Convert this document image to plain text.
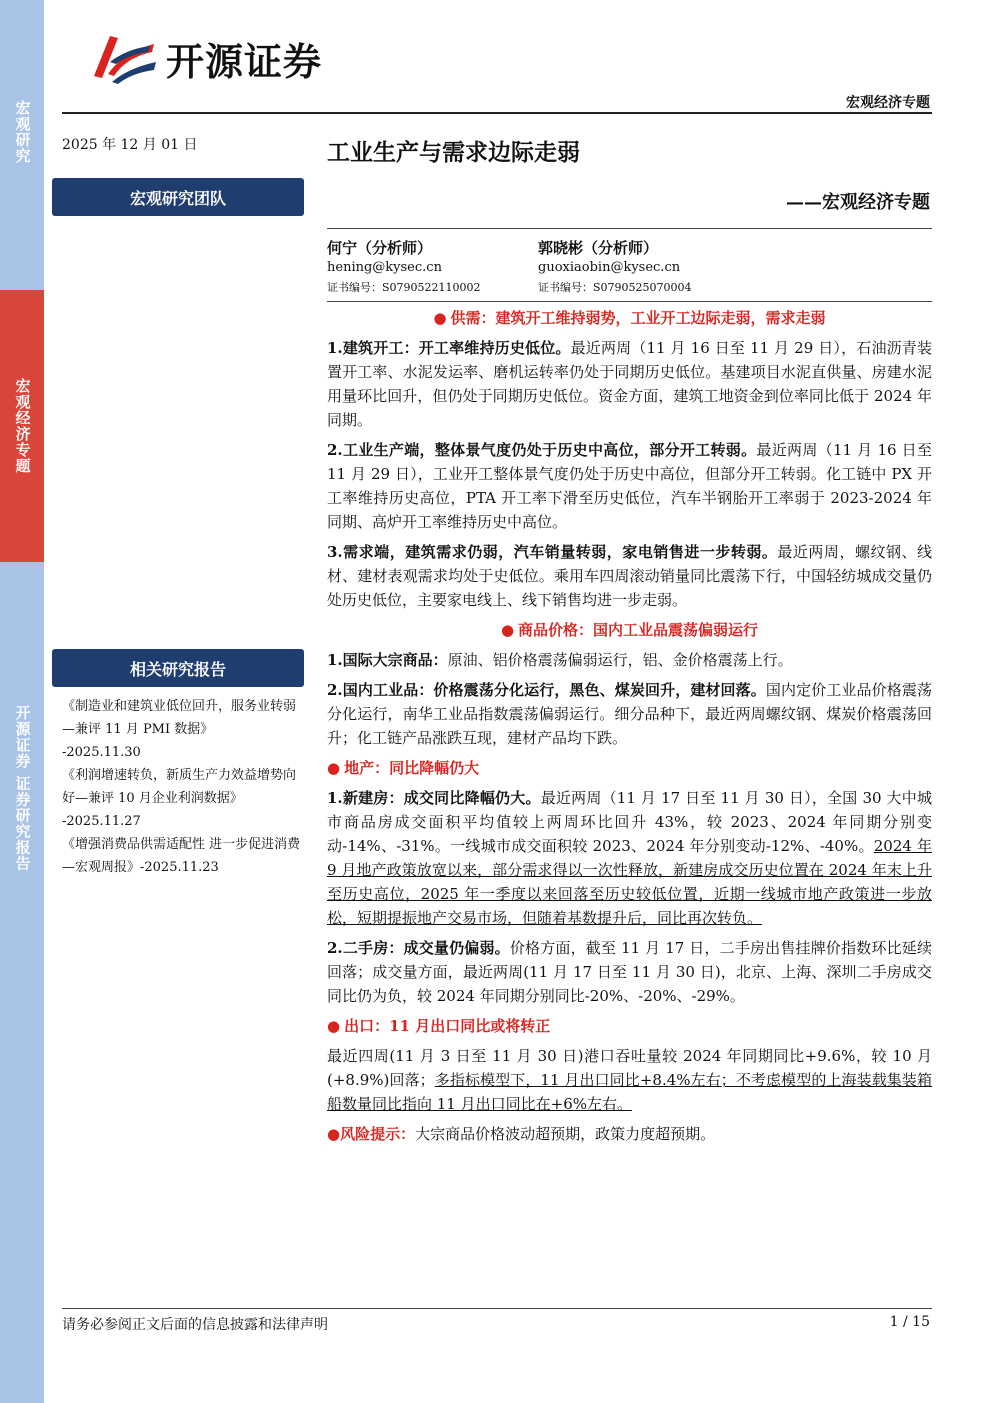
宏观研究
宏观经济专题
开源证券 证券研究报告
开源证券
宏观经济专题
2025 年 12 月 01 日	工业生产与需求边际走弱
——宏观经济专题
宏观研究团队
何宁（分析师）
hening@kysec.cn
证书编号：S0790522110002
郭晓彬（分析师）
guoxiaobin@kysec.cn
证书编号：S0790525070004
相关研究报告
《制造业和建筑业低位回升，服务业转弱—兼评 11 月 PMI 数据》
-2025.11.30
《利润增速转负，新质生产力效益增势向好—兼评 10 月企业利润数据》
-2025.11.27
《增强消费品供需适配性 进一步促进消费—宏观周报》-2025.11.23
● 供需：建筑开工维持弱势，工业开工边际走弱，需求走弱

1.建筑开工：开工率维持历史低位。最近两周（11 月 16 日至 11 月 29 日），石油沥青装置开工率、水泥发运率、磨机运转率仍处于同期历史低位。基建项目水泥直供量、房建水泥用量环比回升，但仍处于同期历史低位。资金方面，建筑工地资金到位率同比低于 2024 年同期。

2.工业生产端，整体景气度仍处于历史中高位，部分开工转弱。最近两周（11 月 16 日至 11 月 29 日），工业开工整体景气度仍处于历史中高位，但部分开工转弱。化工链中 PX 开工率维持历史高位，PTA 开工率下滑至历史低位，汽车半钢胎开工率弱于 2023-2024 年同期、高炉开工率维持历史中高位。

3.需求端，建筑需求仍弱，汽车销量转弱，家电销售进一步转弱。最近两周，螺纹钢、线材、建材表观需求均处于史低位。乘用车四周滚动销量同比震荡下行，中国轻纺城成交量仍处历史低位，主要家电线上、线下销售均进一步走弱。

● 商品价格：国内工业品震荡偏弱运行

1.国际大宗商品：原油、铝价格震荡偏弱运行，铝、金价格震荡上行。

2.国内工业品：价格震荡分化运行，黑色、煤炭回升，建材回落。国内定价工业品价格震荡分化运行，南华工业品指数震荡偏弱运行。细分品种下，最近两周螺纹钢、煤炭价格震荡回升；化工链产品涨跌互现，建材产品均下跌。

● 地产：同比降幅仍大

1.新建房：成交同比降幅仍大。最近两周（11 月 17 日至 11 月 30 日），全国 30 大中城市商品房成交面积平均值较上两周环比回升 43%，较 2023、2024 年同期分别变动-14%、-31%。一线城市成交面积较 2023、2024 年分别变动-12%、-40%。2024 年 9 月地产政策放宽以来，部分需求得以一次性释放，新建房成交历史位置在 2024 年末上升至历史高位，2025 年一季度以来回落至历史较低位置，近期一线城市地产政策进一步放松，短期提振地产交易市场，但随着基数提升后，同比再次转负。

2.二手房：成交量仍偏弱。价格方面，截至 11 月 17 日，二手房出售挂牌价指数环比延续回落；成交量方面，最近两周(11 月 17 日至 11 月 30 日)，北京、上海、深圳二手房成交同比仍为负，较 2024 年同期分别同比-20%、-20%、-29%。

● 出口：11 月出口同比或将转正

最近四周(11 月 3 日至 11 月 30 日)港口吞吐量较 2024 年同期同比+9.6%，较 10 月(+8.9%)回落；多指标模型下，11 月出口同比+8.4%左右；不考虑模型的上海装载集装箱船数量同比指向 11 月出口同比在+6%左右。

●风险提示：大宗商品价格波动超预期，政策力度超预期。

请务必参阅正文后面的信息披露和法律声明	1 / 15
